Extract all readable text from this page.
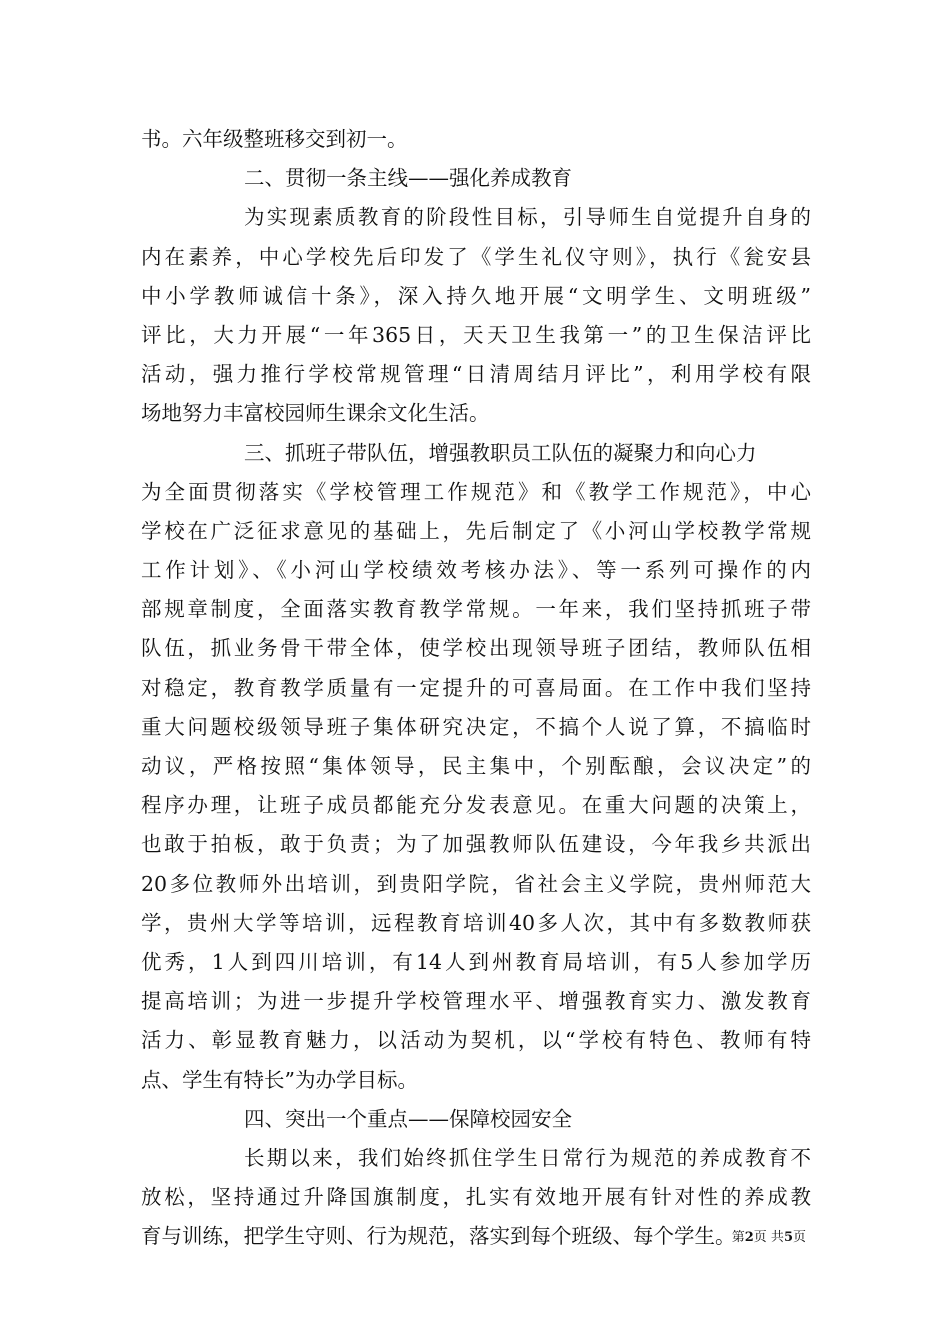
书。六年级整班移交到初一。
二、贯彻一条主线——强化养成教育
为实现素质教育的阶段性目标，引导师生自觉提升自身的
内在素养，中心学校先后印发了《学生礼仪守则》，执行《瓮安县
中小学教师诚信十条》，深入持久地开展“文明学生、文明班级”
评比，大力开展“一年365日，天天卫生我第一”的卫生保洁评比
活动，强力推行学校常规管理“日清周结月评比”，利用学校有限
场地努力丰富校园师生课余文化生活。
三、抓班子带队伍，增强教职员工队伍的凝聚力和向心力
为全面贯彻落实《学校管理工作规范》和《教学工作规范》，中心
学校在广泛征求意见的基础上，先后制定了《小河山学校教学常规
工作计划》、《小河山学校绩效考核办法》、等一系列可操作的内
部规章制度，全面落实教育教学常规。一年来，我们坚持抓班子带
队伍，抓业务骨干带全体，使学校出现领导班子团结，教师队伍相
对稳定，教育教学质量有一定提升的可喜局面。在工作中我们坚持
重大问题校级领导班子集体研究决定，不搞个人说了算，不搞临时
动议，严格按照“集体领导，民主集中，个别酝酿，会议决定”的
程序办理，让班子成员都能充分发表意见。在重大问题的决策上，
也敢于拍板，敢于负责；为了加强教师队伍建设，今年我乡共派出
20多位教师外出培训，到贵阳学院，省社会主义学院，贵州师范大
学，贵州大学等培训，远程教育培训40多人次，其中有多数教师获
优秀，1人到四川培训，有14人到州教育局培训，有5人参加学历
提高培训；为进一步提升学校管理水平、增强教育实力、激发教育
活力、彰显教育魅力，以活动为契机，以“学校有特色、教师有特
点、学生有特长”为办学目标。
四、突出一个重点——保障校园安全
长期以来，我们始终抓住学生日常行为规范的养成教育不
放松，坚持通过升降国旗制度，扎实有效地开展有针对性的养成教
育与训练，把学生守则、行为规范，落实到每个班级、每个学生。
第2页 共5页
